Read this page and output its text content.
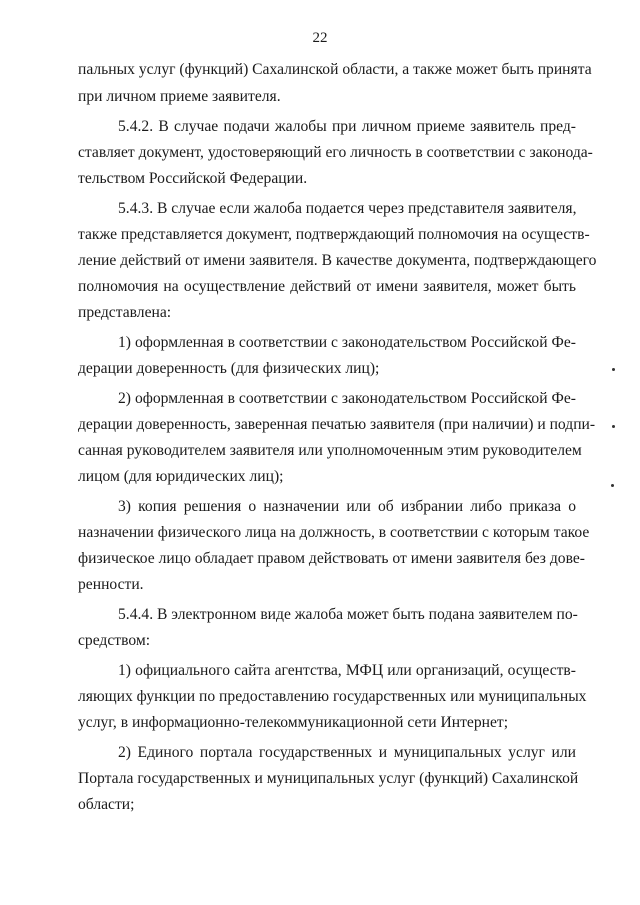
22
пальных услуг (функций) Сахалинской области, а также может быть принята
при личном приеме заявителя.
5.4.2. В случае подачи жалобы при личном приеме заявитель пред-
ставляет документ, удостоверяющий его личность в соответствии с законода-
тельством Российской Федерации.
5.4.3. В случае если жалоба подается через представителя заявителя,
также представляется документ, подтверждающий полномочия на осуществ-
ление действий от имени заявителя. В качестве документа, подтверждающего
полномочия на осуществление действий от имени заявителя, может быть
представлена:
1) оформленная в соответствии с законодательством Российской Фе-
дерации доверенность (для физических лиц);
2) оформленная в соответствии с законодательством Российской Фе-
дерации доверенность, заверенная печатью заявителя (при наличии) и подпи-
санная руководителем заявителя или уполномоченным этим руководителем
лицом (для юридических лиц);
3) копия решения о назначении или об избрании либо приказа о
назначении физического лица на должность, в соответствии с которым такое
физическое лицо обладает правом действовать от имени заявителя без дове-
ренности.
5.4.4. В электронном виде жалоба может быть подана заявителем по-
средством:
1) официального сайта агентства, МФЦ или организаций, осуществ-
ляющих функции по предоставлению государственных или муниципальных
услуг, в информационно-телекоммуникационной сети Интернет;
2) Единого портала государственных и муниципальных услуг или
Портала государственных и муниципальных услуг (функций) Сахалинской
области;
